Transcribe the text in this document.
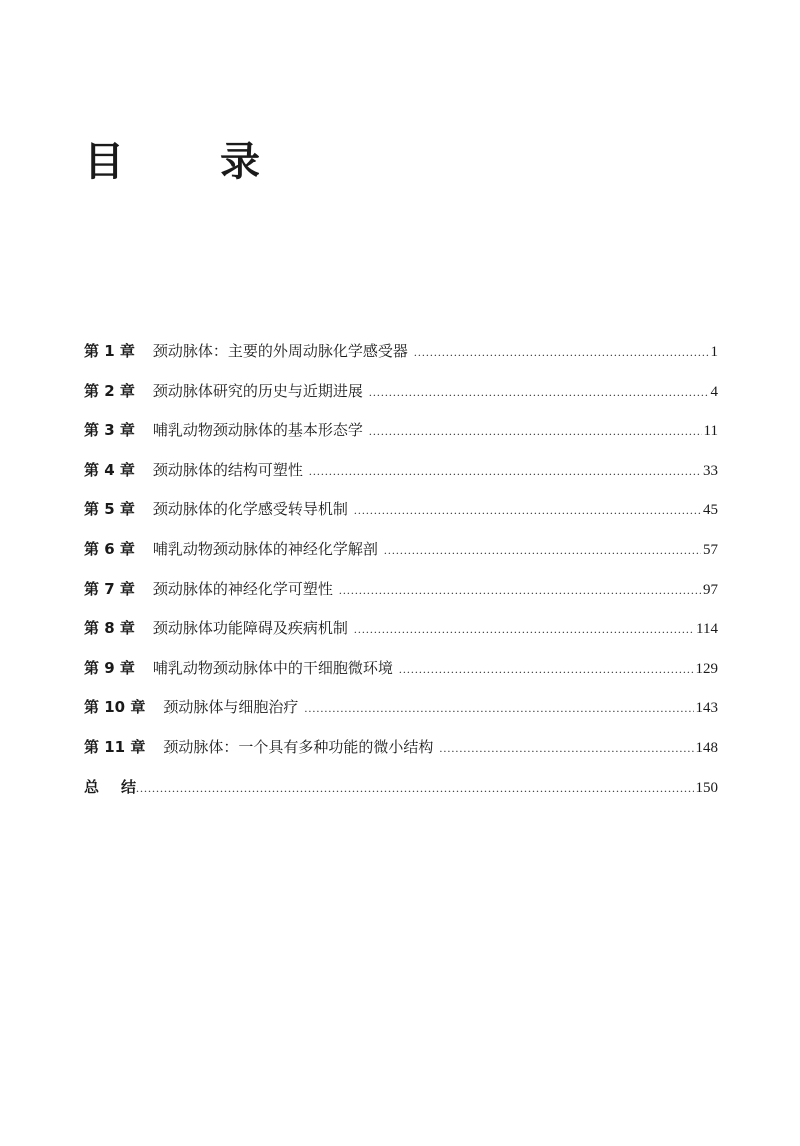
目　录
第 1 章 颈动脉体：主要的外周动脉化学感受器 .....	1
第 2 章 颈动脉体研究的历史与近期进展 .....	4
第 3 章 哺乳动物颈动脉体的基本形态学 .....	11
第 4 章 颈动脉体的结构可塑性 .....	33
第 5 章 颈动脉体的化学感受转导机制 .....	45
第 6 章 哺乳动物颈动脉体的神经化学解剖 .....	57
第 7 章 颈动脉体的神经化学可塑性 .....	97
第 8 章 颈动脉体功能障碍及疾病机制 .....	114
第 9 章 哺乳动物颈动脉体中的干细胞微环境 .....	129
第 10 章 颈动脉体与细胞治疗 .....	143
第 11 章 颈动脉体：一个具有多种功能的微小结构 .....	148
总结 .....	150
